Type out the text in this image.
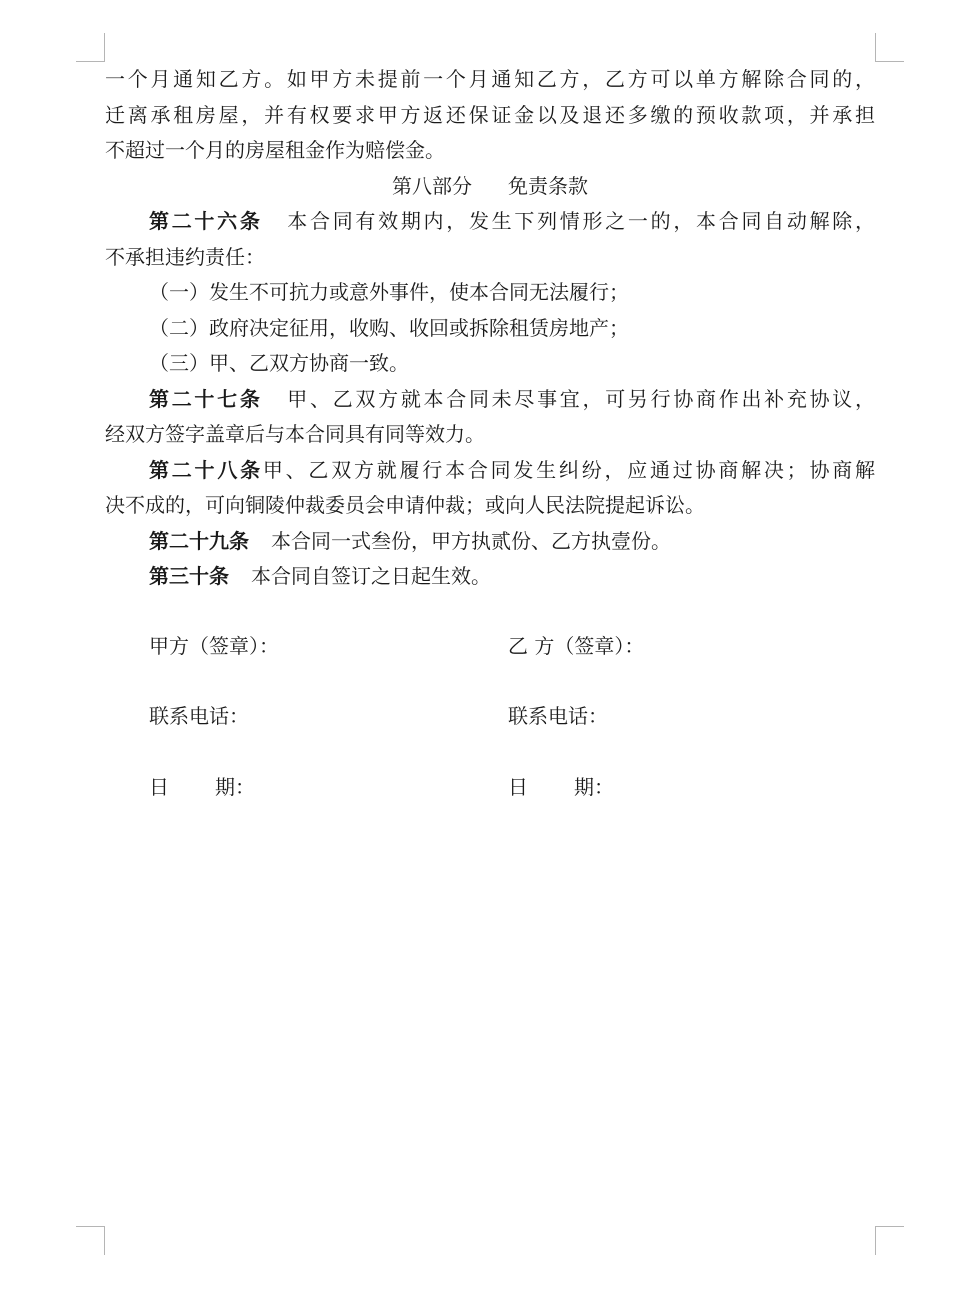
一个月通知乙方。如甲方未提前一个月通知乙方，乙方可以单方解除合同的，
迁离承租房屋，并有权要求甲方返还保证金以及退还多缴的预收款项，并承担
不超过一个月的房屋租金作为赔偿金。
第八部分 免责条款
第二十六条 本合同有效期内，发生下列情形之一的，本合同自动解除，
不承担违约责任：
（一）发生不可抗力或意外事件，使本合同无法履行；
（二）政府决定征用，收购、收回或拆除租赁房地产；
（三）甲、乙双方协商一致。
第二十七条 甲、乙双方就本合同未尽事宜，可另行协商作出补充协议，
经双方签字盖章后与本合同具有同等效力。
第二十八条甲、乙双方就履行本合同发生纠纷，应通过协商解决；协商解
决不成的，可向铜陵仲裁委员会申请仲裁；或向人民法院提起诉讼。
第二十九条 本合同一式叁份，甲方执贰份、乙方执壹份。
第三十条 本合同自签订之日起生效。
甲方（签章）：	乙 方（签章）：
联系电话：	联系电话：
日 期：	日 期：
